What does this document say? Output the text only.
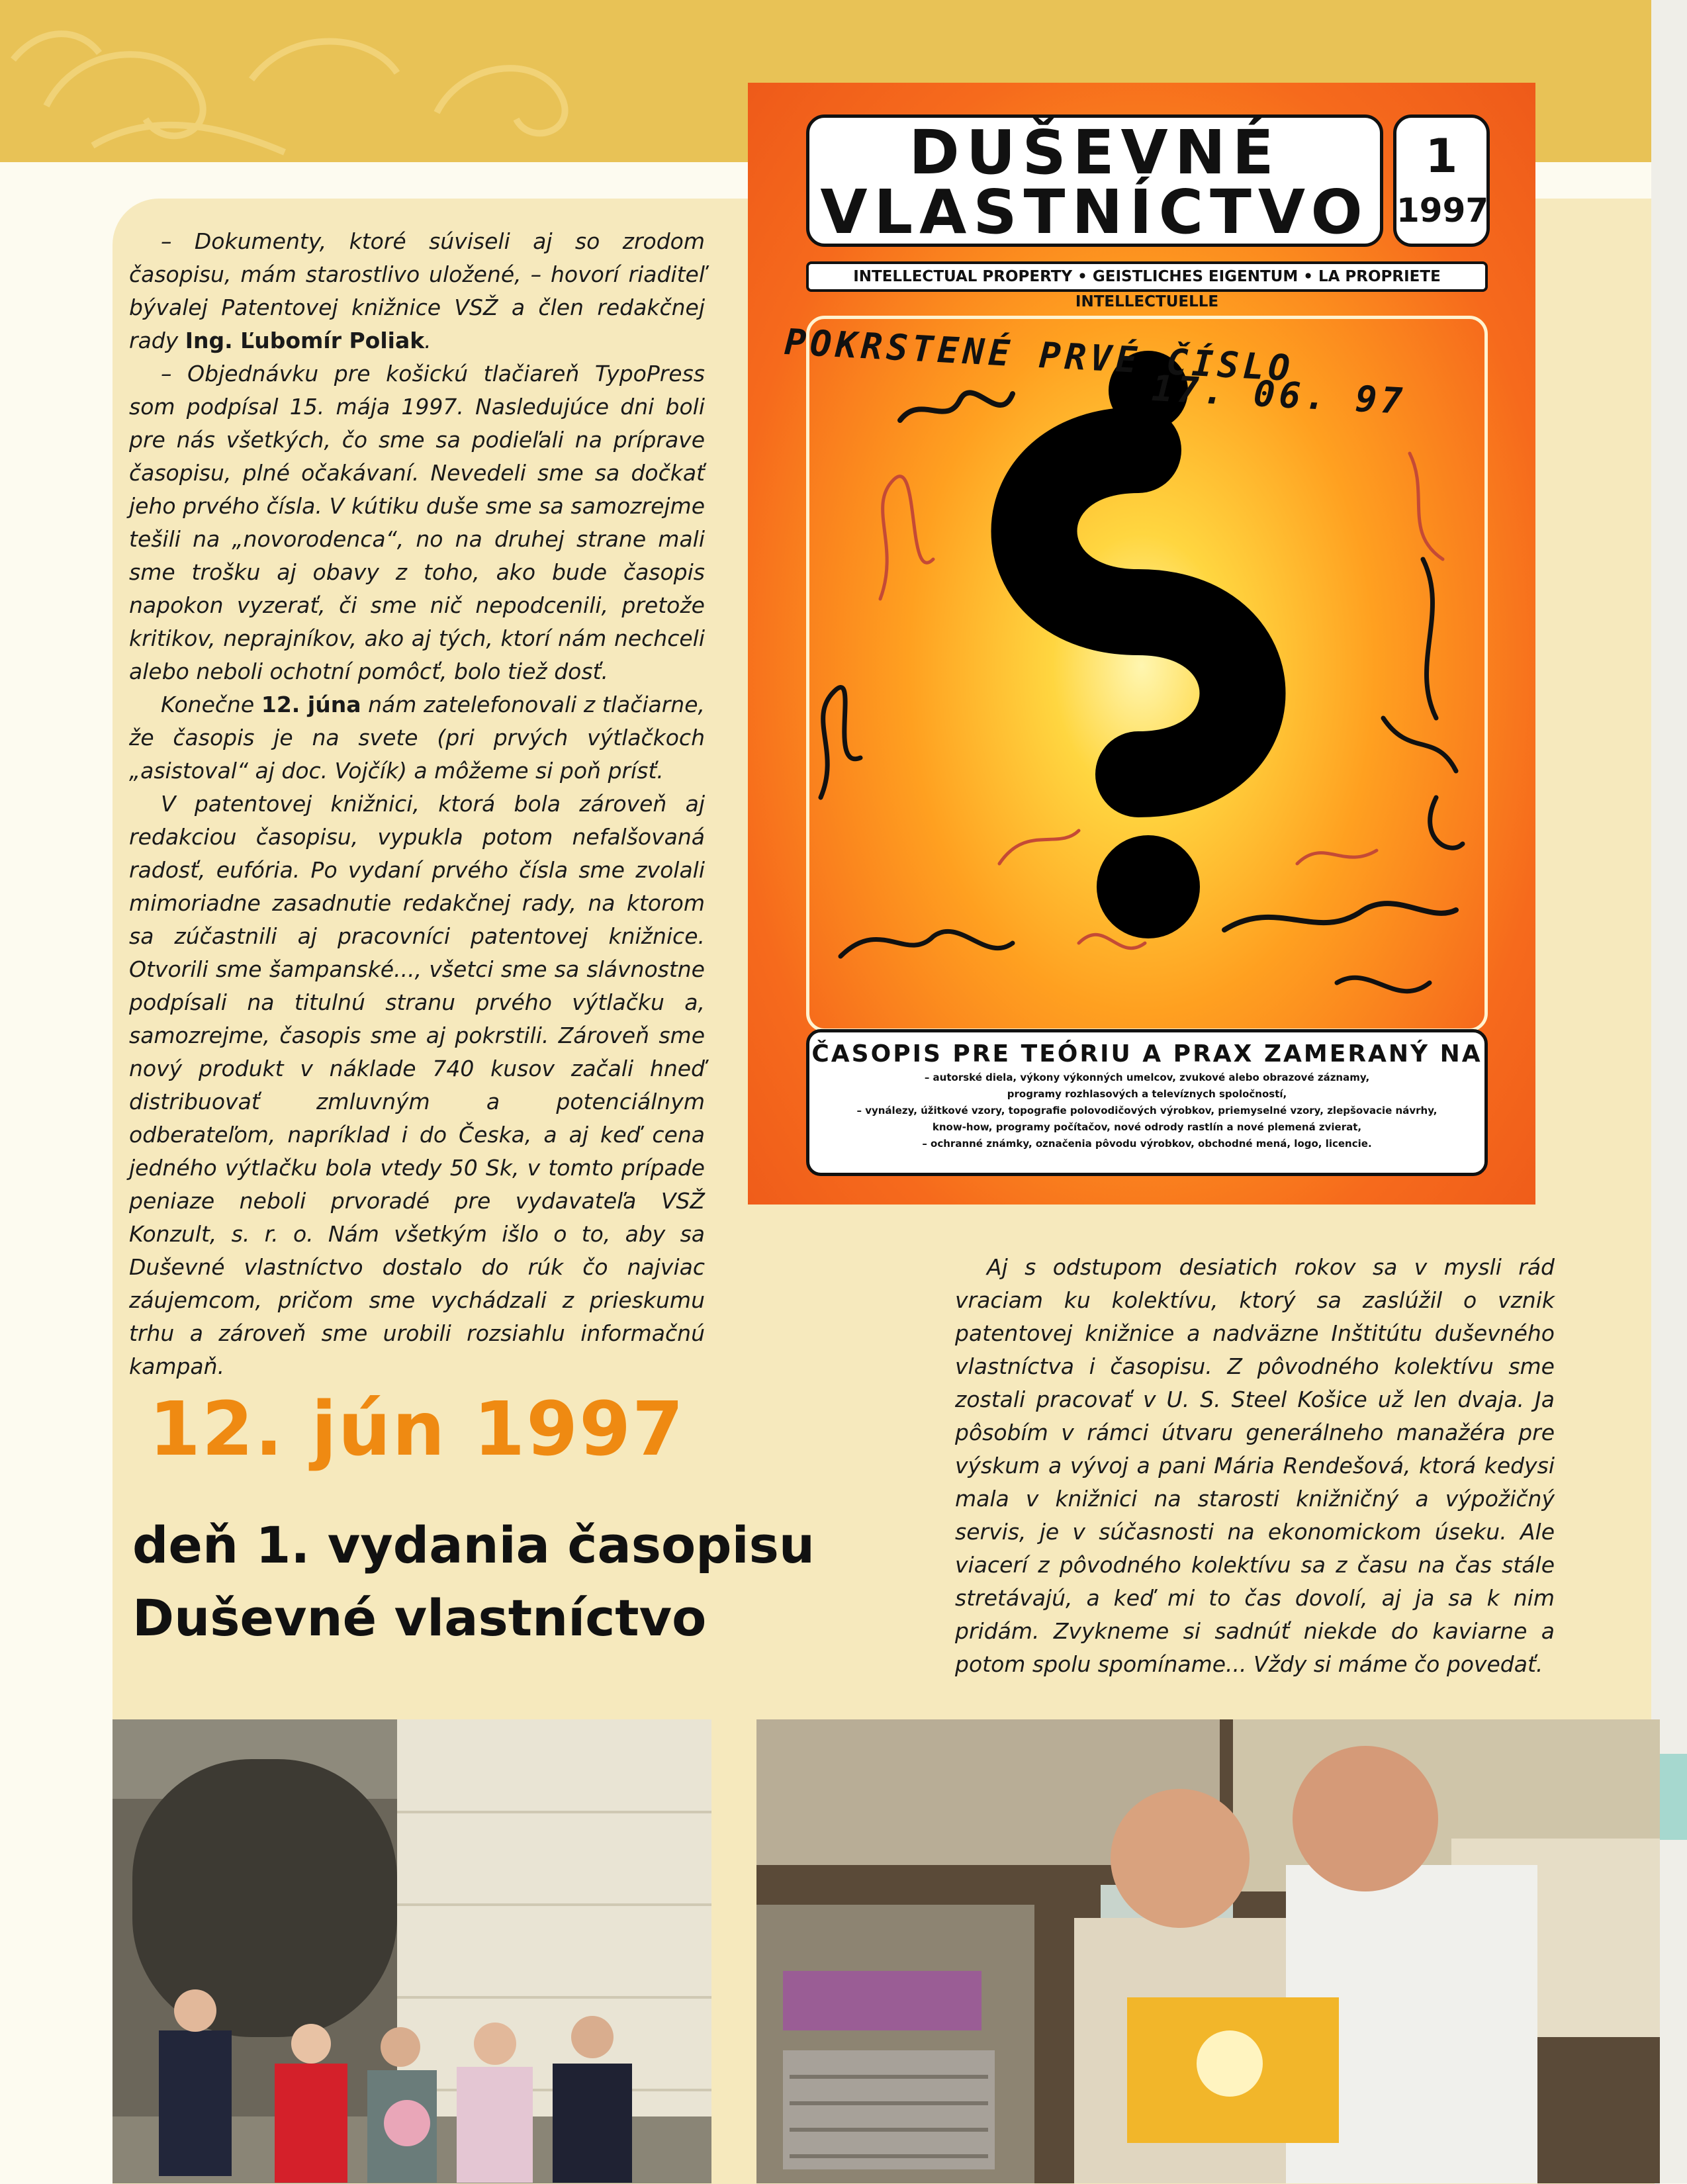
– Dokumenty, ktoré súviseli aj so zrodom časopisu, mám starostlivo uložené, – hovorí riaditeľ bývalej Patentovej knižnice VSŽ a člen redakčnej rady Ing. Ľubomír Poliak.

– Objednávku pre košickú tlačiareň TypoPress som podpísal 15. mája 1997. Nasledujúce dni boli pre nás všetkých, čo sme sa podieľali na príprave časopisu, plné očakávaní. Nevedeli sme sa dočkať jeho prvého čísla. V kútiku duše sme sa samozrejme tešili na „novorodenca“, no na druhej strane mali sme trošku aj obavy z toho, ako bude časopis napokon vyzerať, či sme nič nepodcenili, pretože kritikov, neprajníkov, ako aj tých, ktorí nám nechceli alebo neboli ochotní pomôcť, bolo tiež dosť.

Konečne 12. júna nám zatelefonovali z tlačiarne, že časopis je na svete (pri prvých výtlačkoch „asistoval“ aj doc. Vojčík) a môžeme si poň prísť.

V patentovej knižnici, ktorá bola zároveň aj redakciou časopisu, vypukla potom nefalšovaná radosť, eufória. Po vydaní prvého čísla sme zvolali mimoriadne zasadnutie redakčnej rady, na ktorom sa zúčastnili aj pracovníci patentovej knižnice. Otvorili sme šampanské..., všetci sme sa slávnostne podpísali na titulnú stranu prvého výtlačku a, samozrejme, časopis sme aj pokrstili. Zároveň sme nový produkt v náklade 740 kusov začali hneď distribuovať zmluvným a potenciálnym odberateľom, napríklad i do Česka, a aj keď cena jedného výtlačku bola vtedy 50 Sk, v tomto prípade peniaze neboli prvoradé pre vydavateľa VSŽ Konzult, s. r. o. Nám všetkým išlo o to, aby sa Duševné vlastníctvo dostalo do rúk čo najviac záujemcom, pričom sme vychádzali z prieskumu trhu a zároveň sme urobili rozsiahlu informačnú kampaň.

Aj s odstupom desiatich rokov sa v mysli rád vraciam ku kolektívu, ktorý sa zaslúžil o vznik patentovej knižnice a nadväzne Inštitútu duševného vlastníctva i časopisu. Z pôvodného kolektívu sme zostali pracovať v U. S. Steel Košice už len dvaja. Ja pôsobím v rámci útvaru generálneho manažéra pre výskum a vývoj a pani Mária Rendešová, ktorá kedysi mala v knižnici na starosti knižničný a výpožičný servis, je v súčasnosti na ekonomickom úseku. Ale viacerí z pôvodného kolektívu sa z času na čas stále stretávajú, a keď mi to čas dovolí, aj ja sa k nim pridám. Zvykneme si sadnúť niekde do kaviarne a potom spolu spomíname... Vždy si máme čo povedať.

12. jún 1997
deň 1. vydania časopisu
Duševné vlastníctvo
DUŠEVNÉ
VLASTNÍCTVO
1
1997
INTELLECTUAL PROPERTY • GEISTLICHES EIGENTUM • LA PROPRIETE INTELLECTUELLE
POKRSTENÉ PRVÉ ČÍSLO
17. 06. 97
ČASOPIS PRE TEÓRIU A PRAX ZAMERANÝ NA
– autorské diela, výkony výkonných umelcov, zvukové alebo obrazové záznamy,
programy rozhlasových a televíznych spoločností,
– vynálezy, úžitkové vzory, topografie polovodičových výrobkov, priemyselné vzory, zlepšovacie návrhy,
know-how, programy počítačov, nové odrody rastlín a nové plemená zvierat,
– ochranné známky, označenia pôvodu výrobkov, obchodné mená, logo, licencie.
